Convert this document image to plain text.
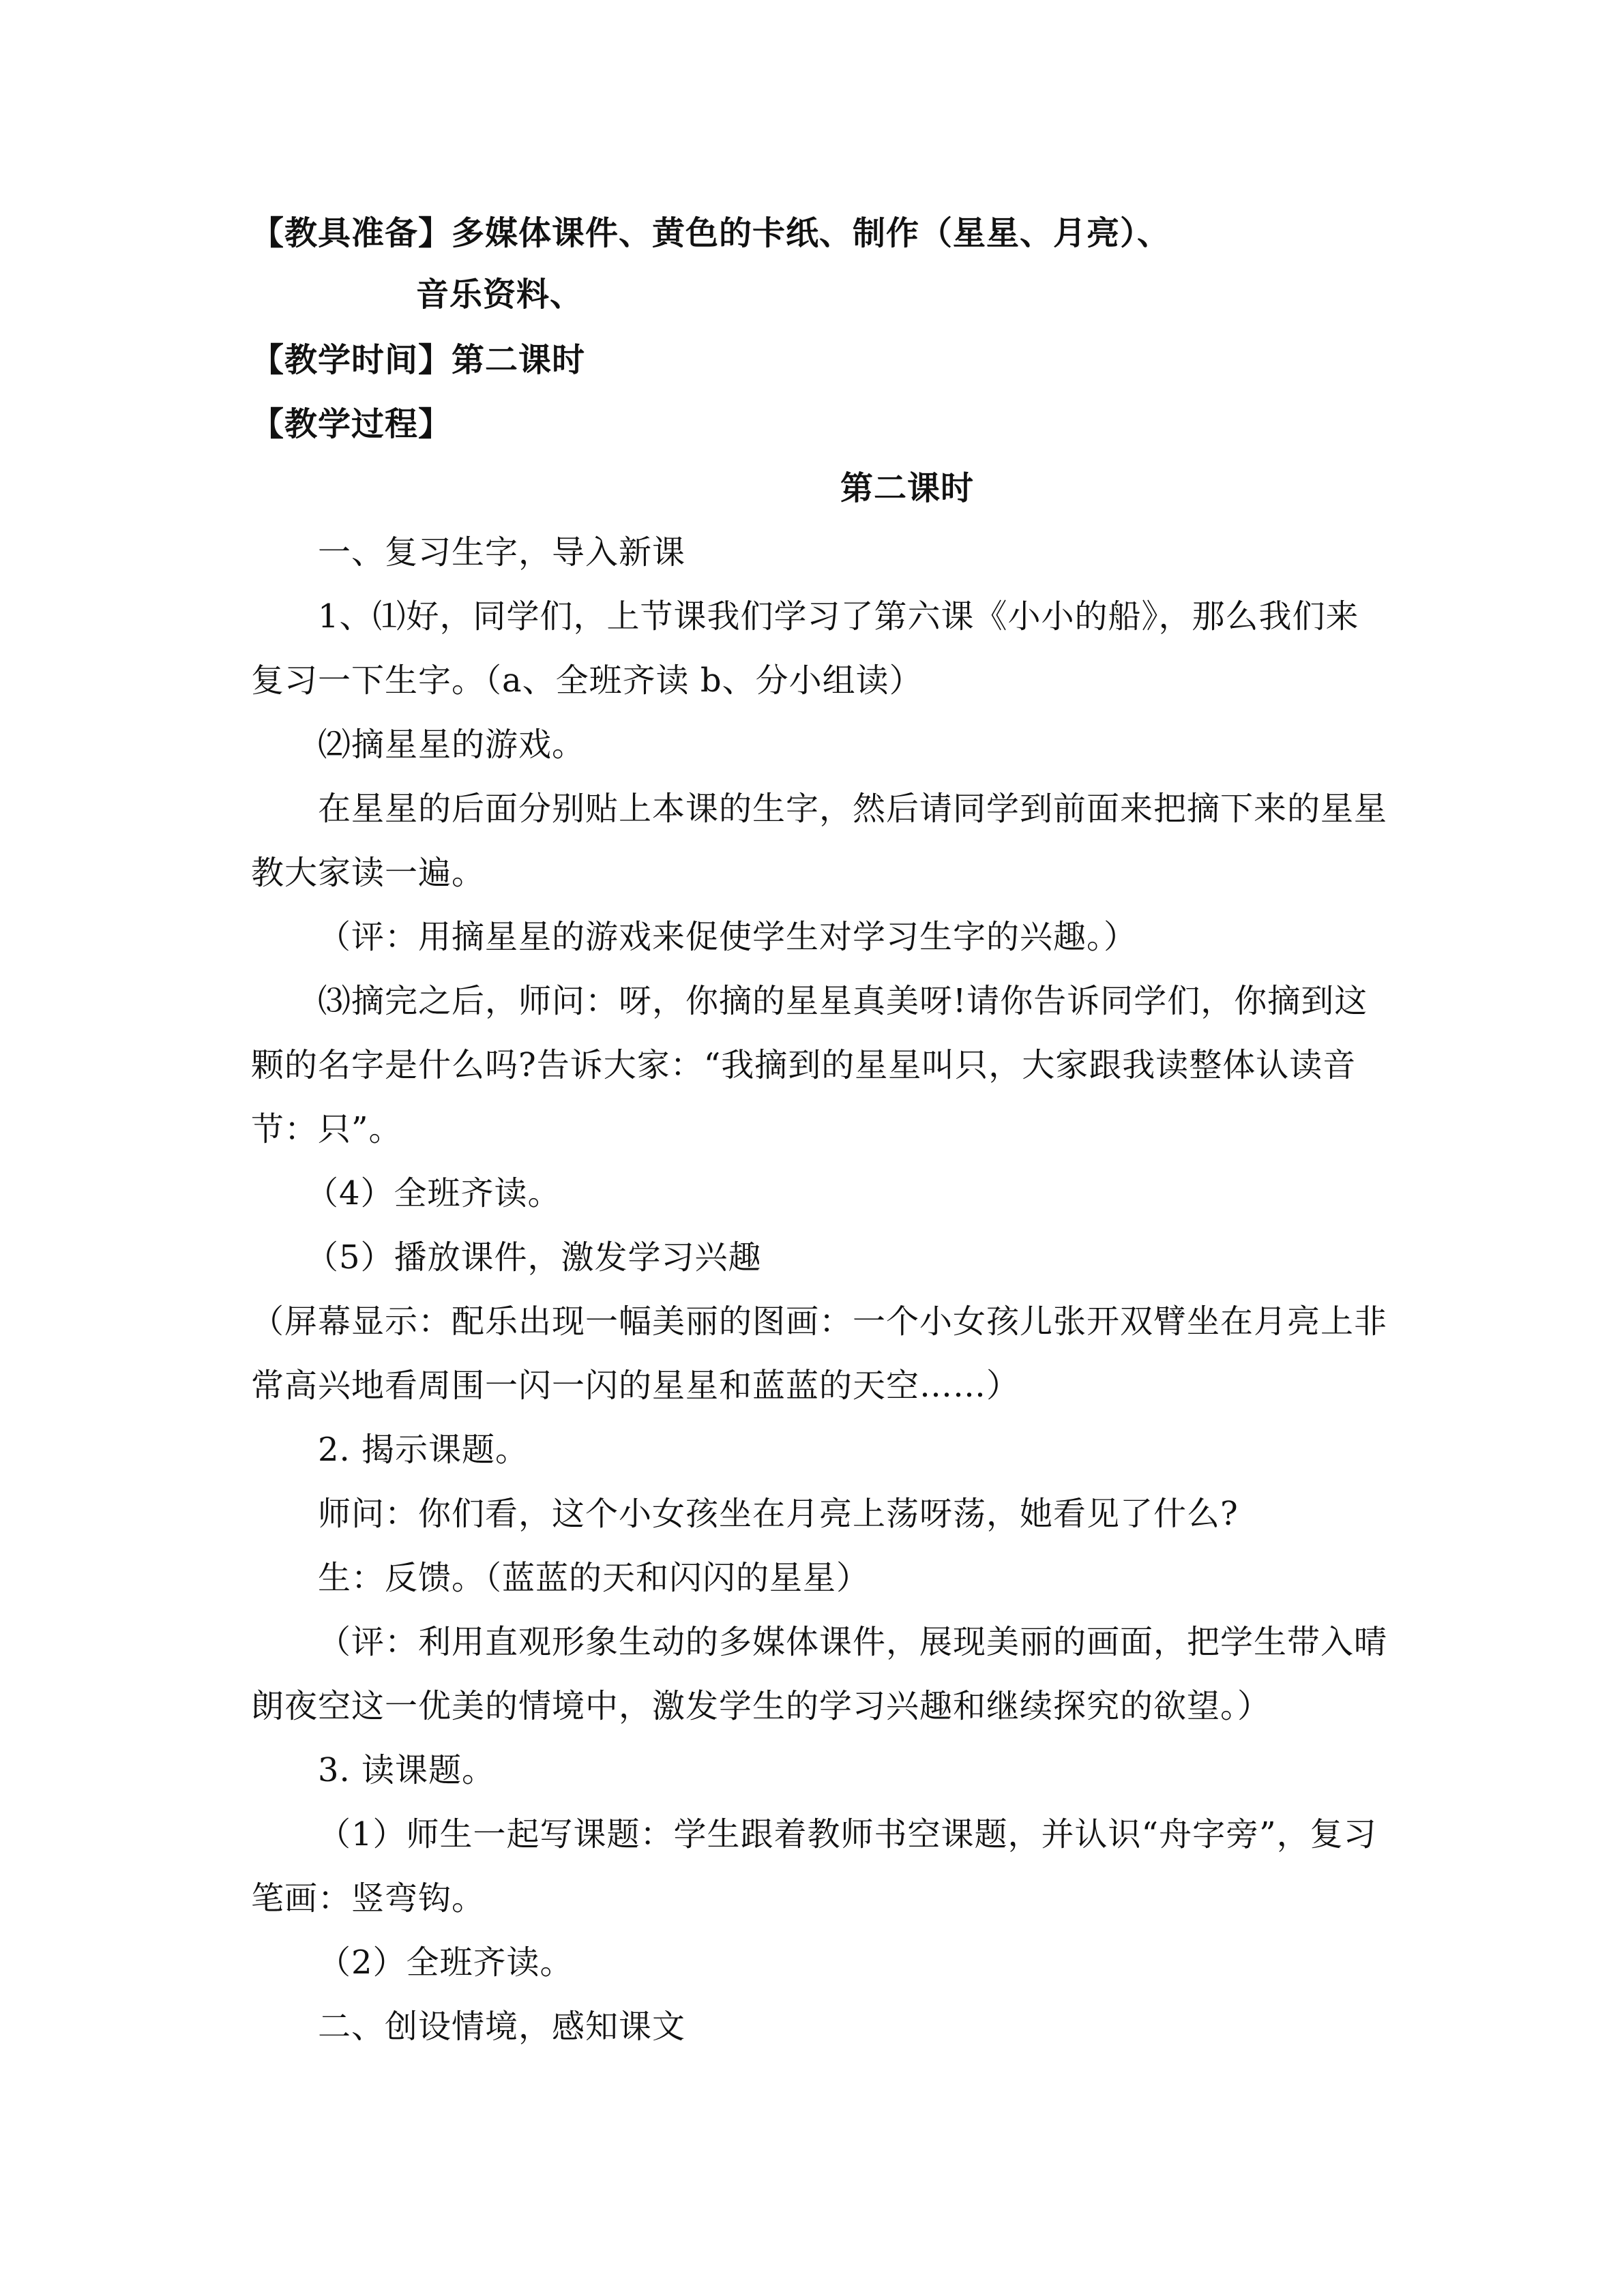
【教具准备】多媒体课件、黄色的卡纸、制作（星星、月亮）、
音乐资料、
【教学时间】第二课时
【教学过程】
第二课时
一、复习生字，导入新课
1、⑴好，同学们，上节课我们学习了第六课《小小的船》，那么我们来
复习一下生字。（a、全班齐读 b、分小组读）
⑵摘星星的游戏。
在星星的后面分别贴上本课的生字，然后请同学到前面来把摘下来的星星
教大家读一遍。
（评：用摘星星的游戏来促使学生对学习生字的兴趣。）
⑶摘完之后，师问：呀，你摘的星星真美呀!请你告诉同学们，你摘到这
颗的名字是什么吗?告诉大家：“我摘到的星星叫只，大家跟我读整体认读音
节：只”。
（4）全班齐读。
（5）播放课件，激发学习兴趣
（屏幕显示：配乐出现一幅美丽的图画：一个小女孩儿张开双臂坐在月亮上非
常高兴地看周围一闪一闪的星星和蓝蓝的天空……）
2. 揭示课题。
师问：你们看，这个小女孩坐在月亮上荡呀荡，她看见了什么?
生：反馈。（蓝蓝的天和闪闪的星星）
（评：利用直观形象生动的多媒体课件，展现美丽的画面，把学生带入晴
朗夜空这一优美的情境中，激发学生的学习兴趣和继续探究的欲望。）
3. 读课题。
（1）师生一起写课题：学生跟着教师书空课题，并认识“舟字旁”，复习
笔画：竖弯钩。
（2）全班齐读。
二、创设情境，感知课文
